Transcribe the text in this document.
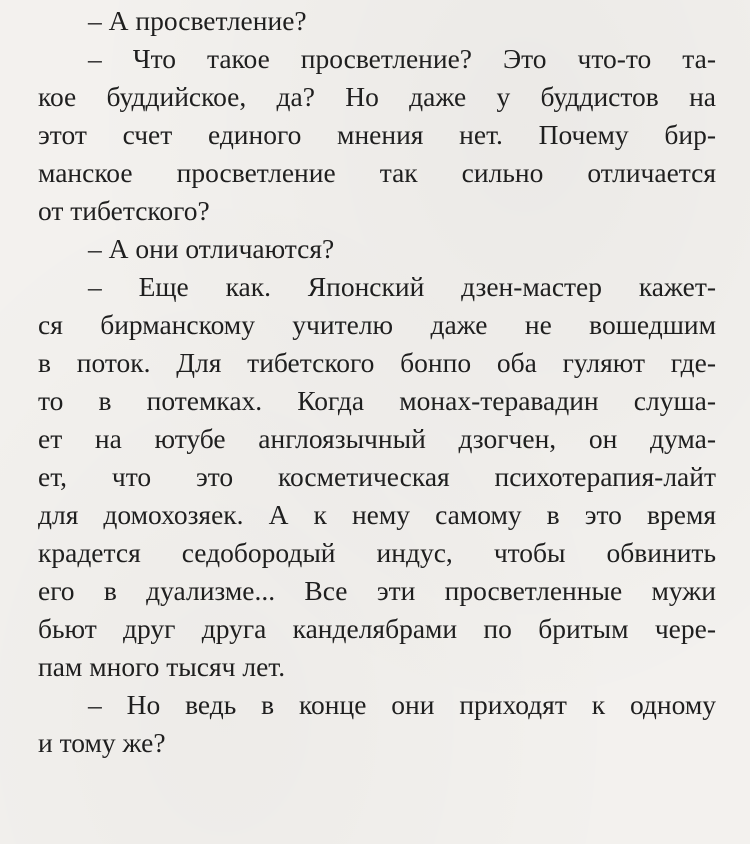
– А просветление?
– Что такое просветление? Это что-то та-
кое буддийское, да? Но даже у буддистов на
этот счет единого мнения нет. Почему бир-
манское просветление так сильно отличается
от тибетского?
– А они отличаются?
– Еще как. Японский дзен-мастер кажет-
ся бирманскому учителю даже не вошедшим
в поток. Для тибетского бонпо оба гуляют где-
то в потемках. Когда монах-теравадин слуша-
ет на ютубе англоязычный дзогчен, он дума-
ет, что это косметическая психотерапия-лайт
для домохозяек. А к нему самому в это время
крадется седобородый индус, чтобы обвинить
его в дуализме... Все эти просветленные мужи
бьют друг друга канделябрами по бритым чере-
пам много тысяч лет.
– Но ведь в конце они приходят к одному
и тому же?
